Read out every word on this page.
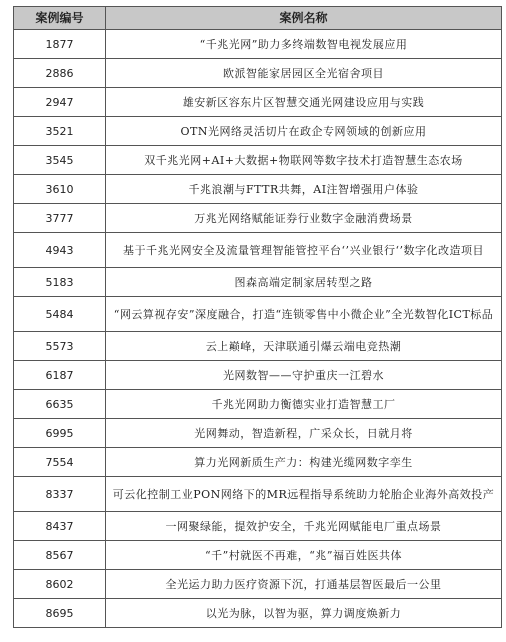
案例编号	案例名称
1877	“千兆光网”助力多终端数智电视发展应用
2886	欧派智能家居园区全光宿舍项目
2947	雄安新区容东片区智慧交通光网建设应用与实践
3521	OTN光网络灵活切片在政企专网领域的创新应用
3545	双千兆光网+AI+大数据+物联网等数字技术打造智慧生态农场
3610	千兆浪潮与FTTR共舞，AI注智增强用户体验
3777	万兆光网络赋能证券行业数字金融消费场景
4943	基于千兆光网安全及流量管理智能管控平台‘’兴业银行‘’数字化改造项目
5183	图森高端定制家居转型之路
5484	“网云算视存安”深度融合，打造“连锁零售中小微企业”全光数智化ICT标品
5573	云上巅峰，天津联通引爆云端电竞热潮
6187	光网数智——守护重庆一江碧水
6635	千兆光网助力衡德实业打造智慧工厂
6995	光网舞动，智造新程，广采众长，日就月将
7554	算力光网新质生产力：构建光缆网数字孪生
8337	可云化控制工业PON网络下的MR远程指导系统助力轮胎企业海外高效投产
8437	一网聚绿能，提效护安全，千兆光网赋能电厂重点场景
8567	“千”村就医不再难，“兆”福百姓医共体
8602	全光运力助力医疗资源下沉，打通基层智医最后一公里
8695	以光为脉，以智为驱，算力调度焕新力
